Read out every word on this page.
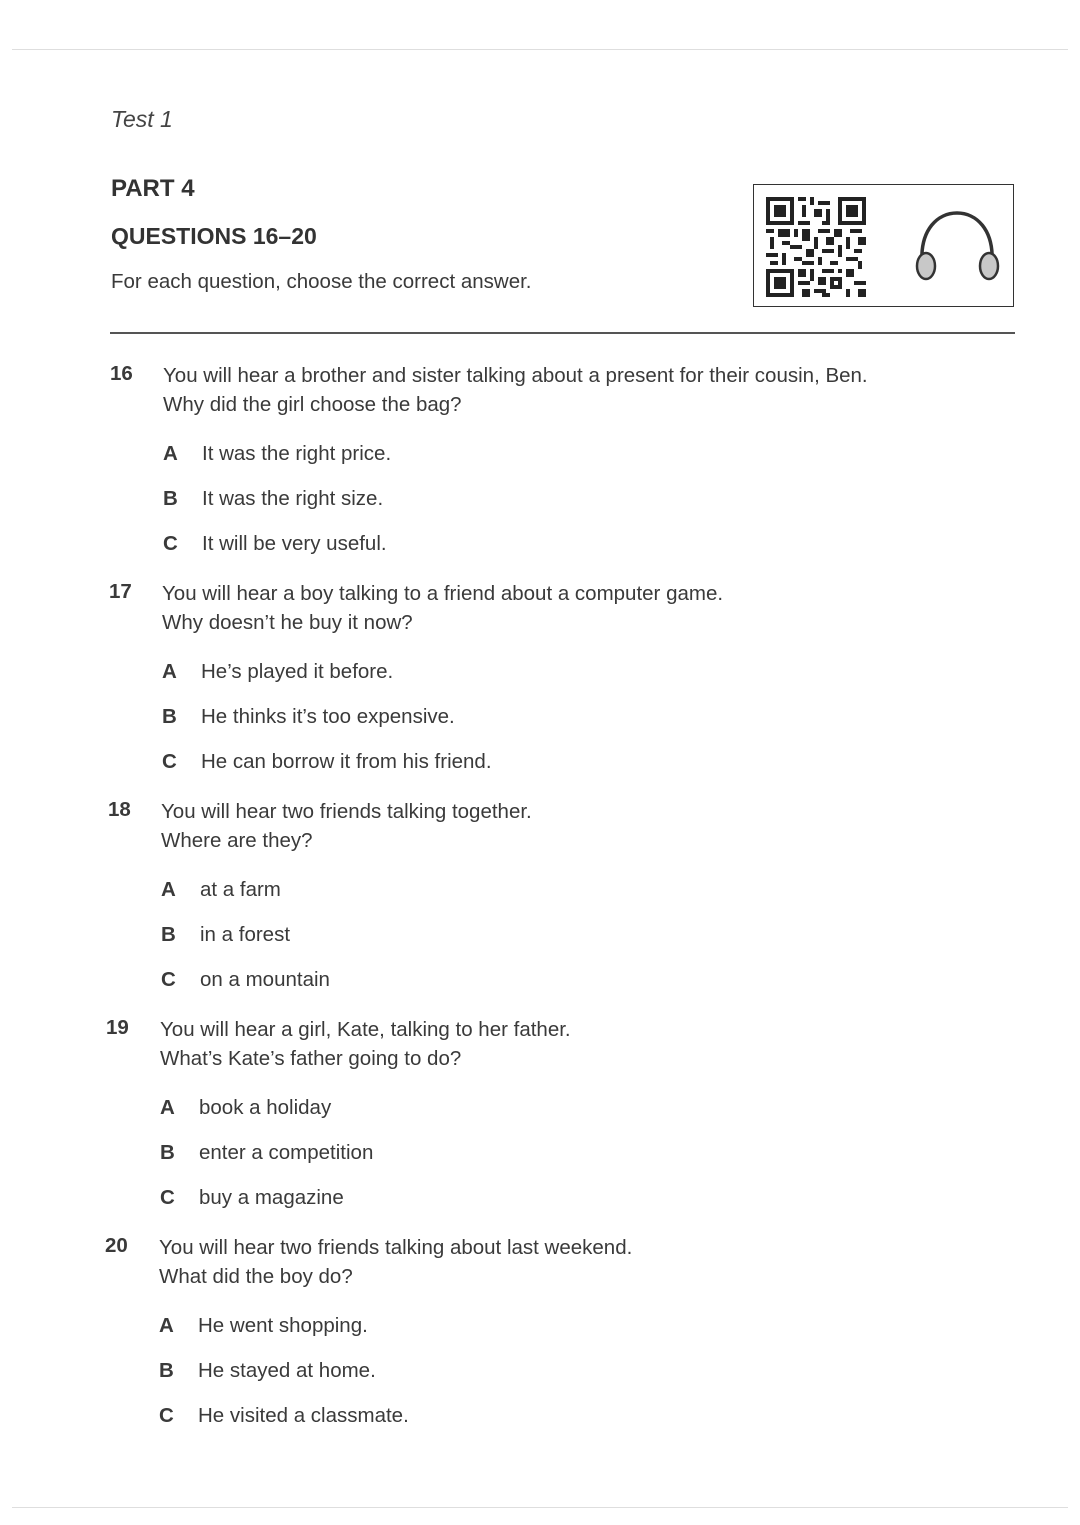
Test 1
PART 4
QUESTIONS 16–20
For each question, choose the correct answer.
16 You will hear a brother and sister talking about a present for their cousin, Ben.
Why did the girl choose the bag?
A It was the right price.
B It was the right size.
C It will be very useful.
17 You will hear a boy talking to a friend about a computer game.
Why doesn’t he buy it now?
A He’s played it before.
B He thinks it’s too expensive.
C He can borrow it from his friend.
18 You will hear two friends talking together.
Where are they?
A at a farm
B in a forest
C on a mountain
19 You will hear a girl, Kate, talking to her father.
What’s Kate’s father going to do?
A book a holiday
B enter a competition
C buy a magazine
20 You will hear two friends talking about last weekend.
What did the boy do?
A He went shopping.
B He stayed at home.
C He visited a classmate.
